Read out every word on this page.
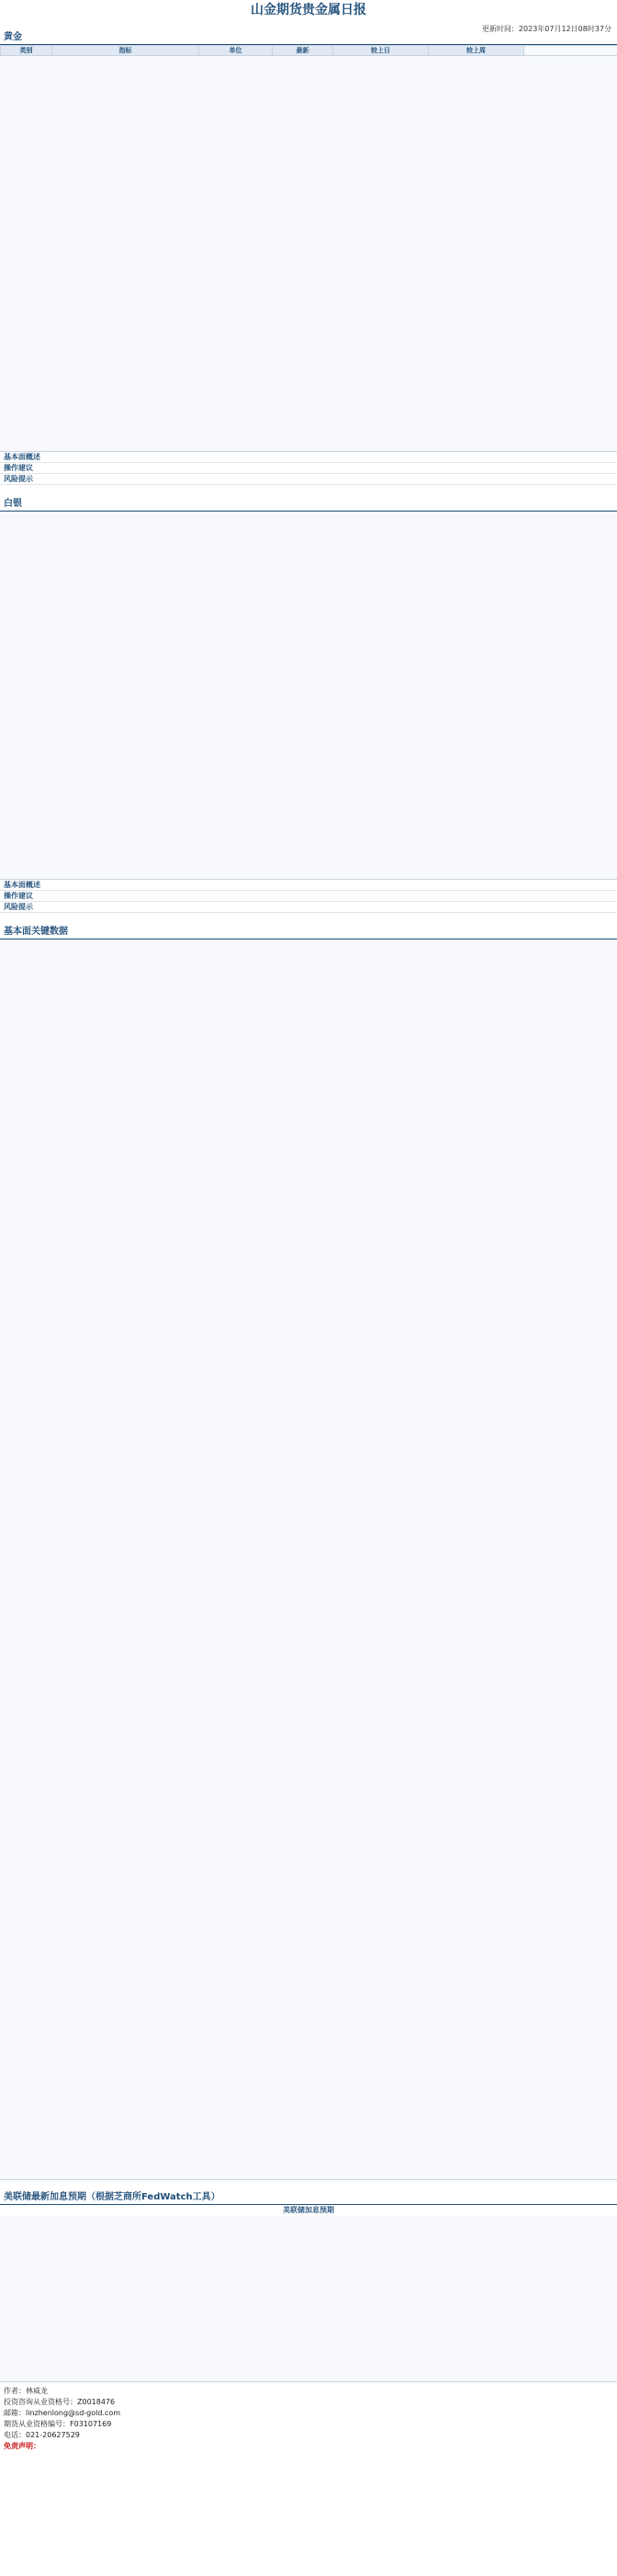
山金期货贵金属日报
更新时间：2023年07月12日08时37分
黄金
类别	指标	单位	最新	较上日	较上周	
基本面概述
操作建议
风险提示
白银
基本面概述
操作建议
风险提示
基本面关键数据
美联储最新加息预期（根据芝商所FedWatch工具）
美联储加息预期
作者：林威龙
投资咨询从业资格号：Z0018476
邮箱：linzhenlong@sd-gold.com
期货从业资格编号：F03107169
电话：021-20627529
免责声明：
